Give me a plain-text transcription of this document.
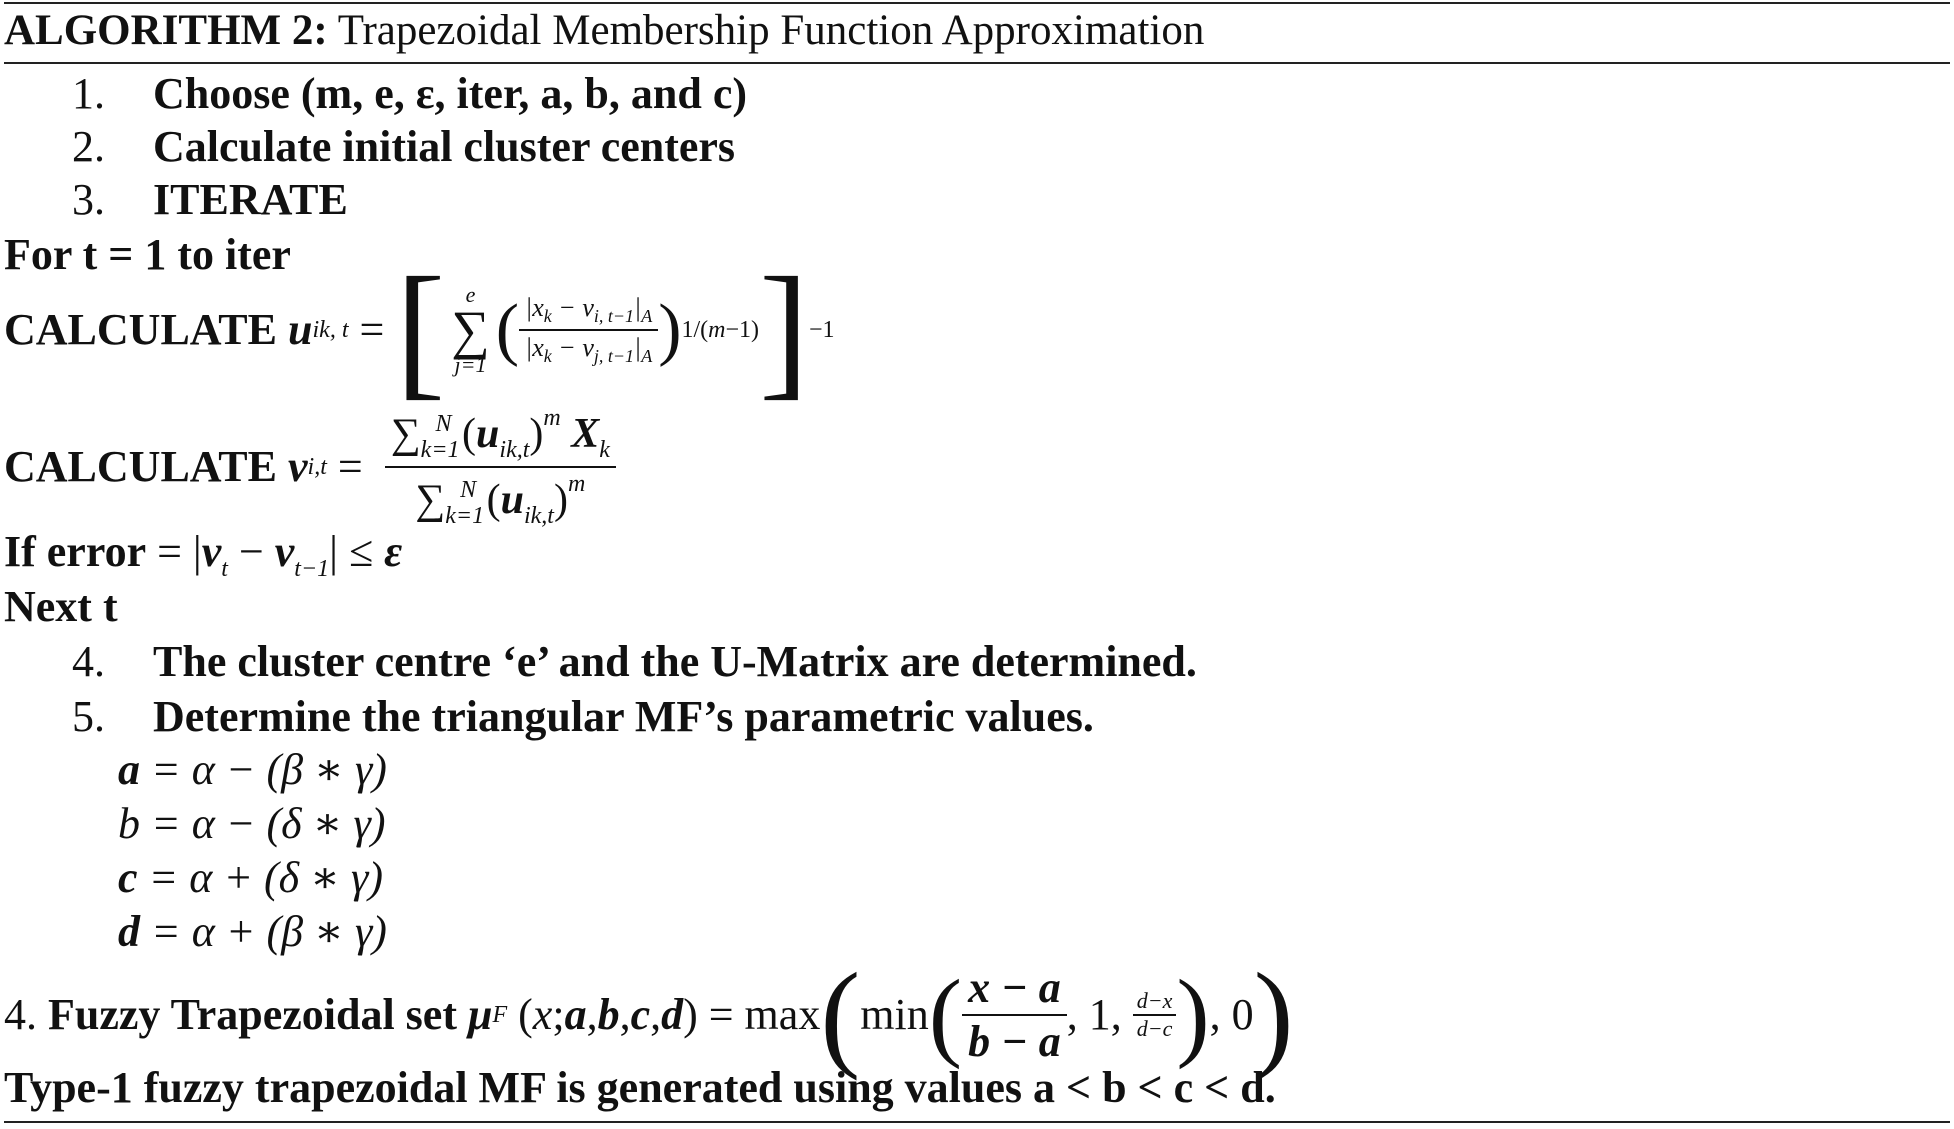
ALGORITHM 2: Trapezoidal Membership Function Approximation
1. Choose (m, e, ε, iter, a, b, and c)
2. Calculate initial cluster centers
3. ITERATE
For t = 1 to iter
CALCULATE
u ik, t = [ e
∑
j=1 ( $\frac{|x_k - v_{i, t-1}|_A}{|x_k - v_{j, t-1}|_A}$ ) 1/(m−1) ] −1
CALCULATE
v $i,t = \frac{\sum_{k=1}^N (u_{ik,t})^m X_k}{\sum_{k=1}^N (u_{ik,t})^m}$
If error = $|v_t - v_{t-1}| \le \varepsilon$
Next t
4. The cluster centre ‘e’ and the U-Matrix are determined.
5. Determine the triangular MF’s parametric values.
a = α − (β ∗ γ)
b = α − (δ ∗ γ)
c = α + (δ ∗ γ)
d = α + (β ∗ γ)
4.
Fuzzy Trapezoidal set
μ F ( x ; a , b , c , d ) = max ( min ( $\frac{x - a}{b - a}$ , 1, $\frac{d-x}{d-c}$ ) , 0 )
Type-1 fuzzy trapezoidal MF is generated using values a < b < c < d.
